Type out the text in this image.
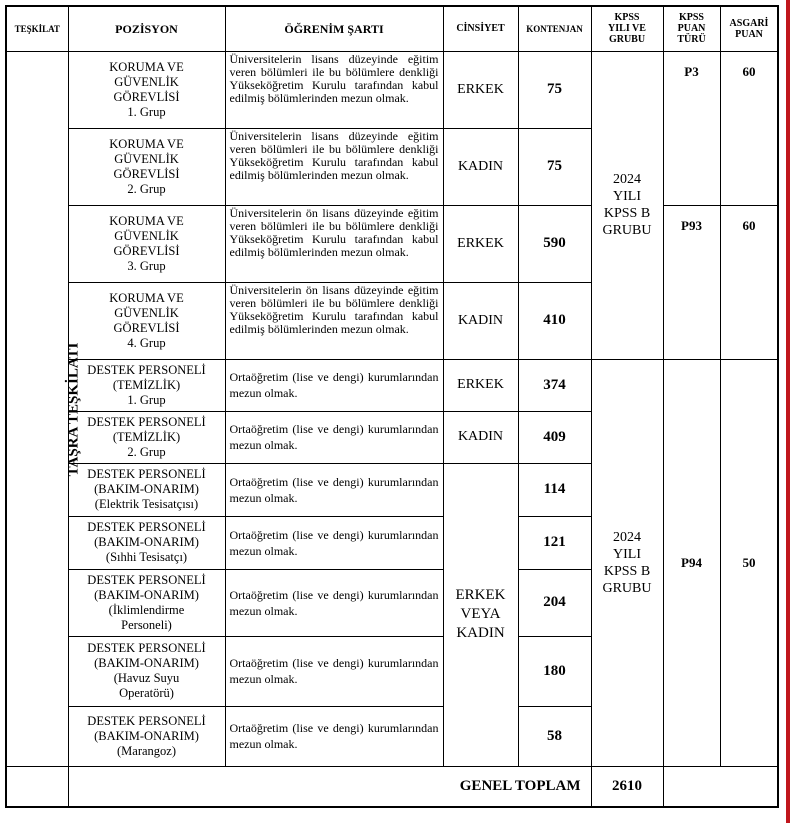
TEŞKİLAT	POZİSYON	ÖĞRENİM ŞARTI	CİNSİYET	KONTENJAN	KPSS
YILI VE
GRUBU	KPSS
PUAN
TÜRÜ	ASGARİ
PUAN
TAŞRA TEŞKİLATI	KORUMA VE
GÜVENLİK
GÖREVLİSİ
1. Grup	Üniversitelerin lisans düzeyinde eğitim veren bölümleri ile bu bölümlere denkliği Yükseköğretim Kurulu tarafından kabul edilmiş bölümlerinden mezun olmak.	ERKEK	75	2024
YILI
KPSS B
GRUBU	P3	60
	KORUMA VE
GÜVENLİK
GÖREVLİSİ
2. Grup	Üniversitelerin lisans düzeyinde eğitim veren bölümleri ile bu bölümlere denkliği Yükseköğretim Kurulu tarafından kabul edilmiş bölümlerinden mezun olmak.	KADIN	75			
	KORUMA VE
GÜVENLİK
GÖREVLİSİ
3. Grup	Üniversitelerin ön lisans düzeyinde eğitim veren bölümleri ile bu bölümlere denkliği Yükseköğretim Kurulu tarafından kabul edilmiş bölümlerinden mezun olmak.	ERKEK	590		P93	60
	KORUMA VE
GÜVENLİK
GÖREVLİSİ
4. Grup	Üniversitelerin ön lisans düzeyinde eğitim veren bölümleri ile bu bölümlere denkliği Yükseköğretim Kurulu tarafından kabul edilmiş bölümlerinden mezun olmak.	KADIN	410			
	DESTEK PERSONELİ
(TEMİZLİK)
1. Grup	Ortaöğretim (lise ve dengi) kurumlarından mezun olmak.	ERKEK	374	2024
YILI
KPSS B
GRUBU	P94	50
	DESTEK PERSONELİ
(TEMİZLİK)
2. Grup	Ortaöğretim (lise ve dengi) kurumlarından mezun olmak.	KADIN	409			
	DESTEK PERSONELİ
(BAKIM-ONARIM)
(Elektrik Tesisatçısı)	Ortaöğretim (lise ve dengi) kurumlarından mezun olmak.	ERKEK
VEYA
KADIN	114			
	DESTEK PERSONELİ
(BAKIM-ONARIM)
(Sıhhi Tesisatçı)	Ortaöğretim (lise ve dengi) kurumlarından mezun olmak.		121			
	DESTEK PERSONELİ
(BAKIM-ONARIM)
(İklimlendirme
Personeli)	Ortaöğretim (lise ve dengi) kurumlarından mezun olmak.		204			
	DESTEK PERSONELİ
(BAKIM-ONARIM)
(Havuz Suyu
Operatörü)	Ortaöğretim (lise ve dengi) kurumlarından mezun olmak.		180			
	DESTEK PERSONELİ
(BAKIM-ONARIM)
(Marangoz)	Ortaöğretim (lise ve dengi) kurumlarından mezun olmak.		58			
	GENEL TOPLAM				2610		
